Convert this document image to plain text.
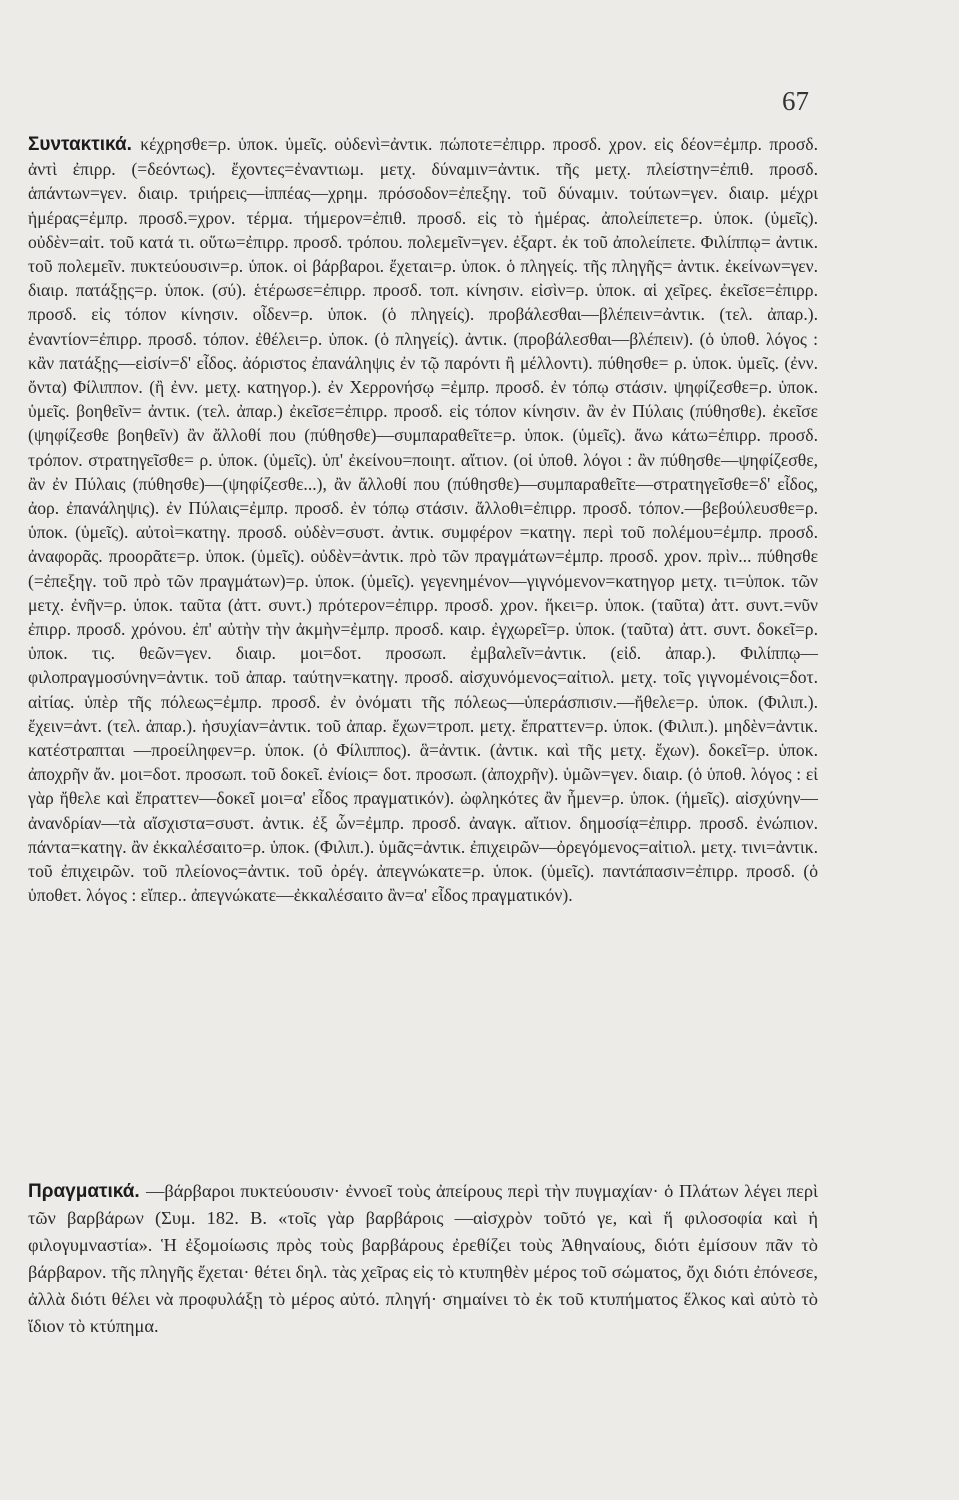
67
Συντακτικά. κέχρησθε=ρ. ὑποκ. ὑμεῖς. οὐδενὶ=ἀντικ. πώποτε=ἐπιρρ. προσδ. χρον. εἰς δέον=ἐμπρ. προσδ. ἀντὶ ἐπιρρ. (=δεόντως). ἔχοντες=ἐναντιωμ. μετχ. δύναμιν=ἀντικ. τῆς μετχ. πλείστην=ἐπιθ. προσδ. ἁπάντων=γεν. διαιρ. τριήρεις—ἱππέας—χρημ. πρόσοδον=ἐπεξηγ. τοῦ δύναμιν. τούτων=γεν. διαιρ. μέχρι ἡμέρας=ἐμπρ. προσδ.=χρον. τέρμα. τήμερον=ἐπιθ. προσδ. εἰς τὸ ἡμέρας. ἀπολείπετε=ρ. ὑποκ. (ὑμεῖς). οὐδὲν=αἰτ. τοῦ κατά τι. οὕτω=ἐπιρρ. προσδ. τρόπου. πολεμεῖν=γεν. ἐξαρτ. ἐκ τοῦ ἀπολείπετε. Φιλίππῳ= ἀντικ. τοῦ πολεμεῖν. πυκτεύουσιν=ρ. ὑποκ. οἱ βάρβαροι. ἔχεται=ρ. ὑποκ. ὁ πληγείς. τῆς πληγῆς= ἀντικ. ἐκείνων=γεν. διαιρ. πατάξῃς=ρ. ὑποκ. (σύ). ἑτέρωσε=ἐπιρρ. προσδ. τοπ. κίνησιν. εἰσὶν=ρ. ὑποκ. αἱ χεῖρες. ἐκεῖσε=ἐπιρρ. προσδ. εἰς τόπον κίνησιν. οἶδεν=ρ. ὑποκ. (ὁ πληγείς). προβάλεσθαι—βλέπειν=ἀντικ. (τελ. ἀπαρ.). ἐναντίον=ἐπιρρ. προσδ. τόπον. ἐθέλει=ρ. ὑποκ. (ὁ πληγείς). ἀντικ. (προβάλεσθαι—βλέπειν). (ὁ ὑποθ. λόγος : κἂν πατάξῃς—εἰσίν=δ' εἶδος. ἀόριστος ἐπανάληψις ἐν τῷ παρόντι ἢ μέλλοντι). πύθησθε= ρ. ὑποκ. ὑμεῖς. (ἐνν. ὄντα) Φίλιππον. (ἢ ἐνν. μετχ. κατηγορ.). ἐν Χερρονήσῳ =ἐμπρ. προσδ. ἐν τόπῳ στάσιν. ψηφίζεσθε=ρ. ὑποκ. ὑμεῖς. βοηθεῖν= ἀντικ. (τελ. ἀπαρ.) ἐκεῖσε=ἐπιρρ. προσδ. εἰς τόπον κίνησιν. ἂν ἐν Πύλαις (πύθησθε). ἐκεῖσε (ψηφίζεσθε βοηθεῖν) ἂν ἄλλοθί που (πύθησθε)—συμπαραθεῖτε=ρ. ὑποκ. (ὑμεῖς). ἄνω κάτω=ἐπιρρ. προσδ. τρόπον. στρατηγεῖσθε= ρ. ὑποκ. (ὑμεῖς). ὑπ' ἐκείνου=ποιητ. αἴτιον. (οἱ ὑποθ. λόγοι : ἂν πύθησθε—ψηφίζεσθε, ἂν ἐν Πύλαις (πύθησθε)—(ψηφίζεσθε...), ἂν ἄλλοθί που (πύθησθε)—συμπαραθεῖτε—στρατηγεῖσθε=δ' εἶδος, ἀορ. ἐπανάληψις). ἐν Πύλαις=ἐμπρ. προσδ. ἐν τόπῳ στάσιν. ἄλλοθι=ἐπιρρ. προσδ. τόπον.—βεβούλευσθε=ρ. ὑποκ. (ὑμεῖς). αὐτοὶ=κατηγ. προσδ. οὐδὲν=συστ. ἀντικ. συμφέρον =κατηγ. περὶ τοῦ πολέμου=ἐμπρ. προσδ. ἀναφορᾶς. προορᾶτε=ρ. ὑποκ. (ὑμεῖς). οὐδὲν=ἀντικ. πρὸ τῶν πραγμάτων=ἐμπρ. προσδ. χρον. πρὶν... πύθησθε (=ἐπεξηγ. τοῦ πρὸ τῶν πραγμάτων)=ρ. ὑποκ. (ὑμεῖς). γεγενημένον—γιγνόμενον=κατηγορ μετχ. τι=ὑποκ. τῶν μετχ. ἐνῆν=ρ. ὑποκ. ταῦτα (ἀττ. συντ.) πρότερον=ἐπιρρ. προσδ. χρον. ἥκει=ρ. ὑποκ. (ταῦτα) ἀττ. συντ.=νῦν ἐπιρρ. προσδ. χρόνου. ἐπ' αὐτὴν τὴν ἀκμὴν=ἐμπρ. προσδ. καιρ. ἐγχωρεῖ=ρ. ὑποκ. (ταῦτα) ἀττ. συντ. δοκεῖ=ρ. ὑποκ. τις. θεῶν=γεν. διαιρ. μοι=δοτ. προσωπ. ἐμβαλεῖν=ἀντικ. (εἰδ. ἀπαρ.). Φιλίππῳ—φιλοπραγμοσύνην=ἀντικ. τοῦ ἀπαρ. ταύτην=κατηγ. προσδ. αἰσχυνόμενος=αἰτιολ. μετχ. τοῖς γιγνομένοις=δοτ. αἰτίας. ὑπὲρ τῆς πόλεως=ἐμπρ. προσδ. ἐν ὀνόματι τῆς πόλεως—ὑπεράσπισιν.—ἤθελε=ρ. ὑποκ. (Φιλιπ.). ἔχειν=ἀντ. (τελ. ἀπαρ.). ἡσυχίαν=ἀντικ. τοῦ ἀπαρ. ἔχων=τροπ. μετχ. ἔπραττεν=ρ. ὑποκ. (Φιλιπ.). μηδὲν=ἀντικ. κατέστραπται —προείληφεν=ρ. ὑποκ. (ὁ Φίλιππος). ἃ=ἀντικ. (ἀντικ. καὶ τῆς μετχ. ἔχων). δοκεῖ=ρ. ὑποκ. ἀποχρῆν ἄν. μοι=δοτ. προσωπ. τοῦ δοκεῖ. ἐνίοις= δοτ. προσωπ. (ἀποχρῆν). ὑμῶν=γεν. διαιρ. (ὁ ὑποθ. λόγος : εἰ γὰρ ἤθελε καὶ ἔπραττεν—δοκεῖ μοι=α' εἶδος πραγματικόν). ὠφληκότες ἂν ἦμεν=ρ. ὑποκ. (ἡμεῖς). αἰσχύνην—ἀνανδρίαν—τὰ αἴσχιστα=συστ. ἀντικ. ἐξ ὧν=ἐμπρ. προσδ. ἀναγκ. αἴτιον. δημοσίᾳ=ἐπιρρ. προσδ. ἐνώπιον. πάντα=κατηγ. ἂν ἐκκαλέσαιτο=ρ. ὑποκ. (Φιλιπ.). ὑμᾶς=ἀντικ. ἐπιχειρῶν—ὀρεγόμενος=αἰτιολ. μετχ. τινι=ἀντικ. τοῦ ἐπιχειρῶν. τοῦ πλείονος=ἀντικ. τοῦ ὀρέγ. ἀπεγνώκατε=ρ. ὑποκ. (ὑμεῖς). παντάπασιν=ἐπιρρ. προσδ. (ὁ ὑποθετ. λόγος : εἴπερ.. ἀπεγνώκατε—ἐκκαλέσαιτο ἂν=α' εἶδος πραγματικόν).
Πραγματικά. —βάρβαροι πυκτεύουσιν· ἐννοεῖ τοὺς ἀπείρους περὶ τὴν πυγμαχίαν· ὁ Πλάτων λέγει περὶ τῶν βαρβάρων (Συμ. 182. Β. «τοῖς γὰρ βαρβάροις —αἰσχρὸν τοῦτό γε, καὶ ἥ φιλοσοφία καὶ ἡ φιλογυμναστία». Ἡ ἐξομοίωσις πρὸς τοὺς βαρβάρους ἐρεθίζει τοὺς Ἀθηναίους, διότι ἐμίσουν πᾶν τὸ βάρβαρον. τῆς πληγῆς ἔχεται· θέτει δηλ. τὰς χεῖρας εἰς τὸ κτυπηθὲν μέρος τοῦ σώματος, ὄχι διότι ἐπόνεσε, ἀλλὰ διότι θέλει νὰ προφυλάξῃ τὸ μέρος αὐτό. πληγή· σημαίνει τὸ ἐκ τοῦ κτυπήματος ἕλκος καὶ αὐτὸ τὸ ἴδιον τὸ κτύπημα.
